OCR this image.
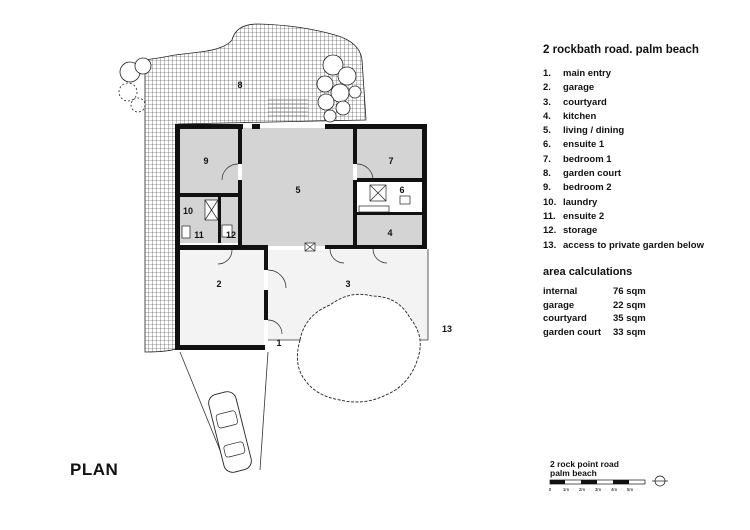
1
2	3
4
5	6
7
8
9
10
11 12
13
0	1m 2m 3m 4m 5m
2 rockbath road. palm beach
1. main entry
2. garage
3. courtyard
4. kitchen
5. living / dining
6. ensuite 1
7. bedroom 1
8. garden court
9. bedroom 2
10. laundry
11. ensuite 2
12. storage
13. access to private garden below
area calculations
internal	76 sqm
garage	22 sqm
courtyard	35 sqm
garden court	33 sqm
PLAN	2 rock point road
palm beach
